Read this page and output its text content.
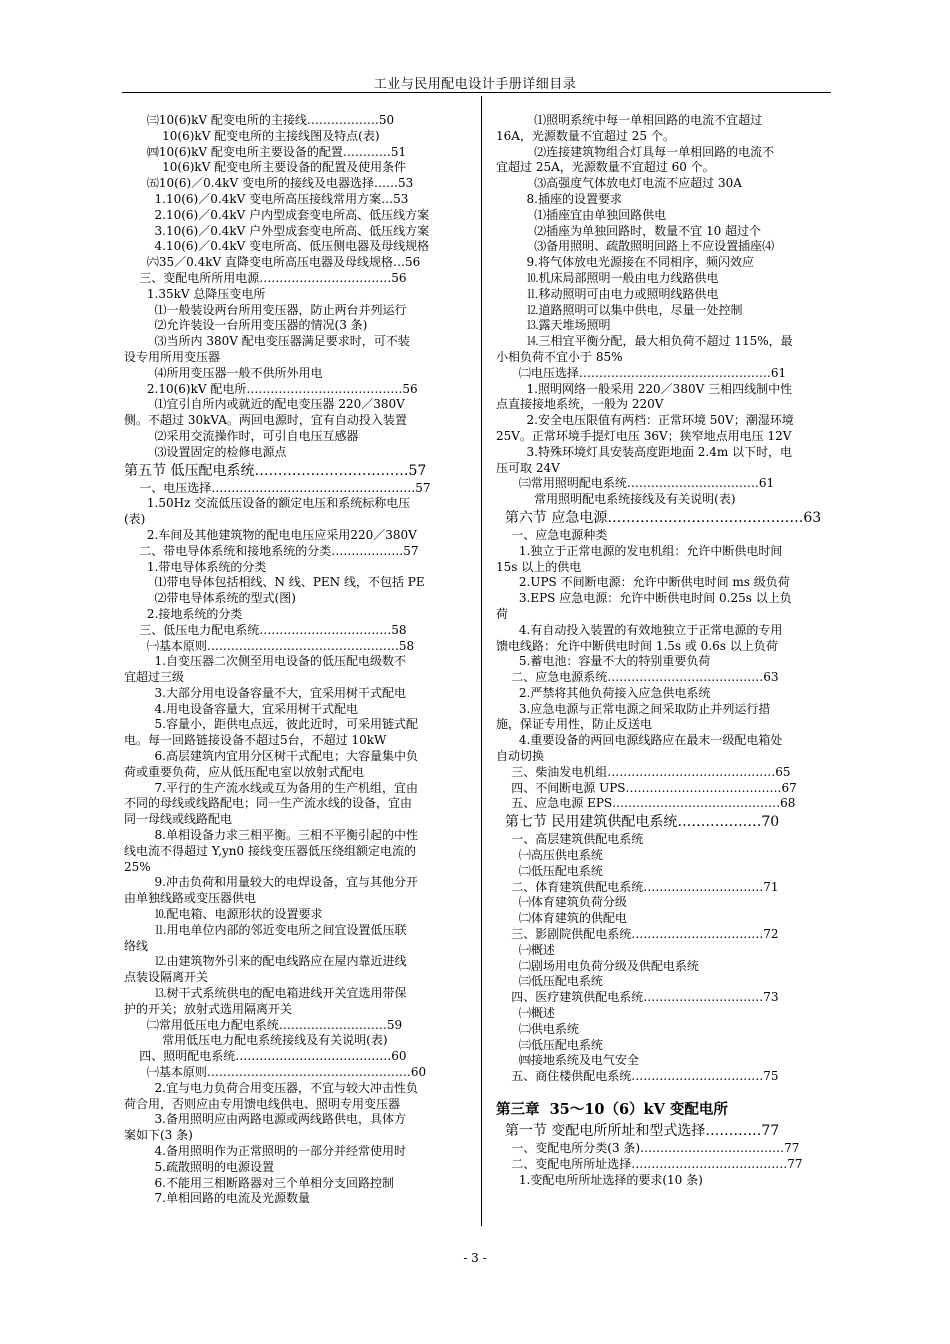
工业与民用配电设计手册详细目录
㈢10(6)kV 配变电所的主接线………………50
10(6)kV 配变电所的主接线图及特点(表)
㈣10(6)kV 配变电所主要设备的配置…………51
10(6)kV 配变电所主要设备的配置及使用条件
㈤10(6)／0.4kV 变电所的接线及电器选择……53
1.10(6)／0.4kV 变电所高压接线常用方案…53
2.10(6)／0.4kV 户内型成套变电所高、低压线方案
3.10(6)／0.4kV 户外型成套变电所高、低压线方案
4.10(6)／0.4kV 变电所高、低压侧电器及母线规格
㈥35／0.4kV 直降变电所高压电器及母线规格…56
三、变配电所所用电源……………………………56
1.35kV 总降压变电所
⑴一般装设两台所用变压器，防止两台并列运行
⑵允许装设一台所用变压器的情况(3 条)
⑶当所内 380V 配电变压器满足要求时，可不装
设专用所用变压器
⑷所用变压器一般不供所外用电
2.10(6)kV 配电所…………………………………56
⑴宜引自所内或就近的配电变压器 220／380V
侧。不超过 30kVA。两回电源时，宜有自动投入装置
⑵采用交流操作时，可引自电压互感器
⑶设置固定的检修电源点
第五节 低压配电系统……………………………57
一、电压选择……………………………………………57
1.50Hz 交流低压设备的额定电压和系统标称电压
(表)
2.车间及其他建筑物的配电电压应采用220／380V
二、带电导体系统和接地系统的分类………………57
1.带电导体系统的分类
⑴带电导体包括相线、N 线、PEN 线，不包括 PE
⑵带电导体系统的型式(图)
2.接地系统的分类
三、低压电力配电系统……………………………58
㈠基本原则…………………………………………58
1.自变压器二次侧至用电设备的低压配电级数不
宜超过三级
3.大部分用电设备容量不大，宜采用树干式配电
4.用电设备容量大，宜采用树干式配电
5.容量小，距供电点远，彼此近时，可采用链式配
电。每一回路链接设备不超过5台，不超过 10kW
6.高层建筑内宜用分区树干式配电；大容量集中负
荷或重要负荷，应从低压配电室以放射式配电
7.平行的生产流水线或互为备用的生产机组，宜由
不同的母线或线路配电；同一生产流水线的设备，宜由
同一母线或线路配电
8.单相设备力求三相平衡。三相不平衡引起的中性
线电流不得超过 Y,yn0 接线变压器低压绕组额定电流的
25%
9.冲击负荷和用量较大的电焊设备，宜与其他分开
由单独线路或变压器供电
⒑配电箱、电源形状的设置要求
⒒用电单位内部的邻近变电所之间宜设置低压联
络线
⒓由建筑物外引来的配电线路应在屋内靠近进线
点装设隔离开关
⒔树干式系统供电的配电箱进线开关宜选用带保
护的开关；放射式选用隔离开关
㈡常用低压电力配电系统………………………59
常用低压电力配电系统接线及有关说明(表)
四、照明配电系统…………………………………60
㈠基本原则……………………………………………60
2.宜与电力负荷合用变压器，不宜与较大冲击性负
荷合用，否则应由专用馈电线供电、照明专用变压器
3.备用照明应由两路电源或两线路供电，具体方
案如下(3 条)
4.备用照明作为正常照明的一部分并经常使用时
5.疏散照明的电源设置
6.不能用三相断路器对三个单相分支回路控制
7.单相回路的电流及光源数量
⑴照明系统中每一单相回路的电流不宜超过
16A，光源数量不宜超过 25 个。
⑵连接建筑物组合灯具每一单相回路的电流不
宜超过 25A，光源数量不宜超过 60 个。
⑶高强度气体放电灯电流不应超过 30A
8.插座的设置要求
⑴插座宜由单独回路供电
⑵插座为单独回路时，数量不宜 10 超过个
⑶备用照明、疏散照明回路上不应设置插座⑷
9.将气体放电光源接在不同相序，频闪效应
⒑机床局部照明一般由电力线路供电
⒒移动照明可由电力或照明线路供电
⒓道路照明可以集中供电，尽量一处控制
⒔露天堆场照明
⒕三相宜平衡分配，最大相负荷不超过 115%，最
小相负荷不宜小于 85%
㈡电压选择…………………………………………61
1.照明网络一般采用 220／380V 三相四线制中性
点直接接地系统，一般为 220V
2.安全电压限值有两档：正常环境 50V；潮湿环境
25V。正常环境手提灯电压 36V；狭窄地点用电压 12V
3.特殊环境灯具安装高度距地面 2.4m 以下时，电
压可取 24V
㈢常用照明配电系统……………………………61
常用照明配电系统接线及有关说明(表)
第六节 应急电源……………………………………63
一、应急电源种类
1.独立于正常电源的发电机组：允许中断供电时间
15s 以上的供电
2.UPS 不间断电源：允许中断供电时间 ms 级负荷
3.EPS 应急电源：允许中断供电时间 0.25s 以上负
荷
4.有自动投入装置的有效地独立于正常电源的专用
馈电线路：允许中断供电时间 1.5s 或 0.6s 以上负荷
5.蓄电池：容量不大的特别重要负荷
二、应急电源系统…………………………………63
2.严禁将其他负荷接入应急供电系统
3.应急电源与正常电源之间采取防止并列运行措
施，保证专用性，防止反送电
4.重要设备的两回电源线路应在最末一级配电箱处
自动切换
三、柴油发电机组……………………………………65
四、不间断电源 UPS…………………………………67
五、应急电源 EPS……………………………………68
第七节 民用建筑供配电系统………………70
一、高层建筑供配电系统
㈠高压供电系统
㈡低压配电系统
二、体育建筑供配电系统…………………………71
㈠体育建筑负荷分级
㈡体育建筑的供配电
三、影剧院供配电系统……………………………72
㈠概述
㈡剧场用电负荷分级及供配电系统
㈢低压配电系统
四、医疗建筑供配电系统…………………………73
㈠概述
㈡供电系统
㈢低压配电系统
㈣接地系统及电气安全
五、商住楼供配电系统……………………………75
第三章  35～10（6）kV 变配电所
第一节 变配电所所址和型式选择…………77
一、变配电所分类(3 条)………………………………77
二、变配电所所址选择…………………………………77
1.变配电所所址选择的要求(10 条)
- 3 -
